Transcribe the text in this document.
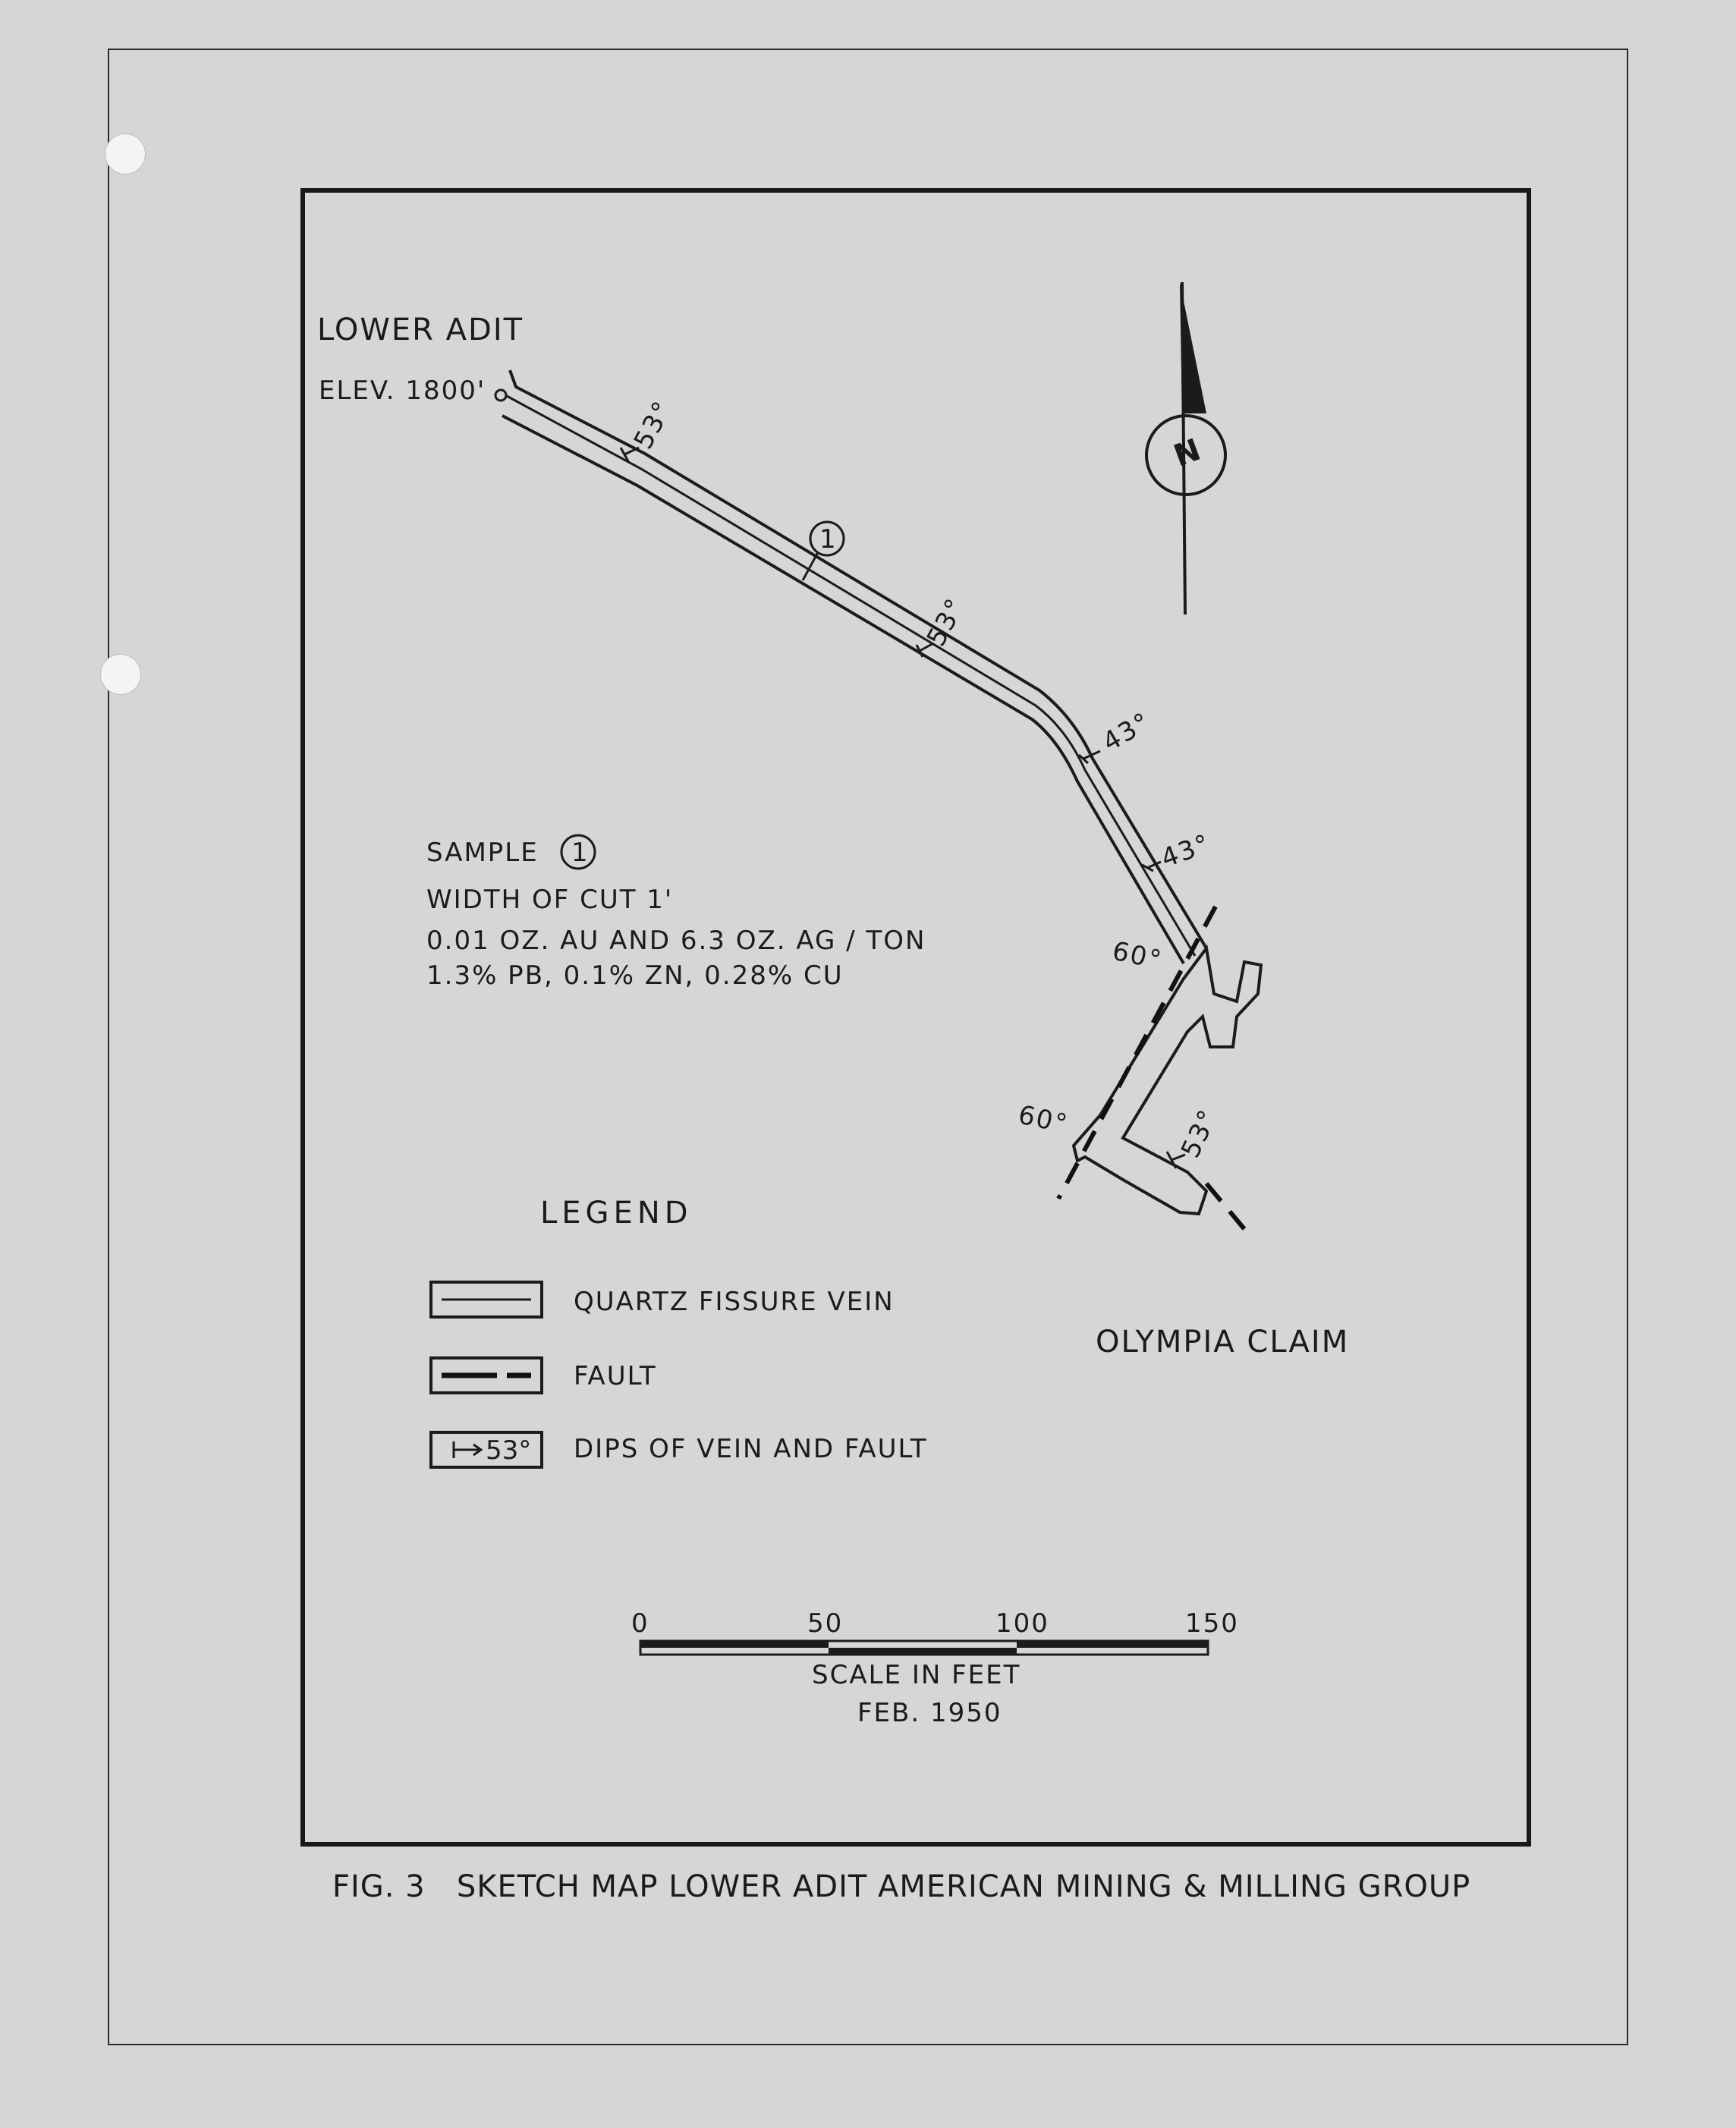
LOWER ADIT
ELEV. 1800'
N
1
53°
53°
43°
43°
60°
60°	53°
SAMPLE 1
WIDTH OF CUT 1'
0.01 OZ. AU AND 6.3 OZ. AG / TON
1.3% PB, 0.1% ZN, 0.28% CU
LEGEND
QUARTZ FISSURE VEIN
FAULT
DIPS OF VEIN AND FAULT
53°
OLYMPIA CLAIM
0	50	100	150
SCALE IN FEET
FEB. 1950
FIG. 3   SKETCH MAP LOWER ADIT AMERICAN MINING & MILLING GROUP
